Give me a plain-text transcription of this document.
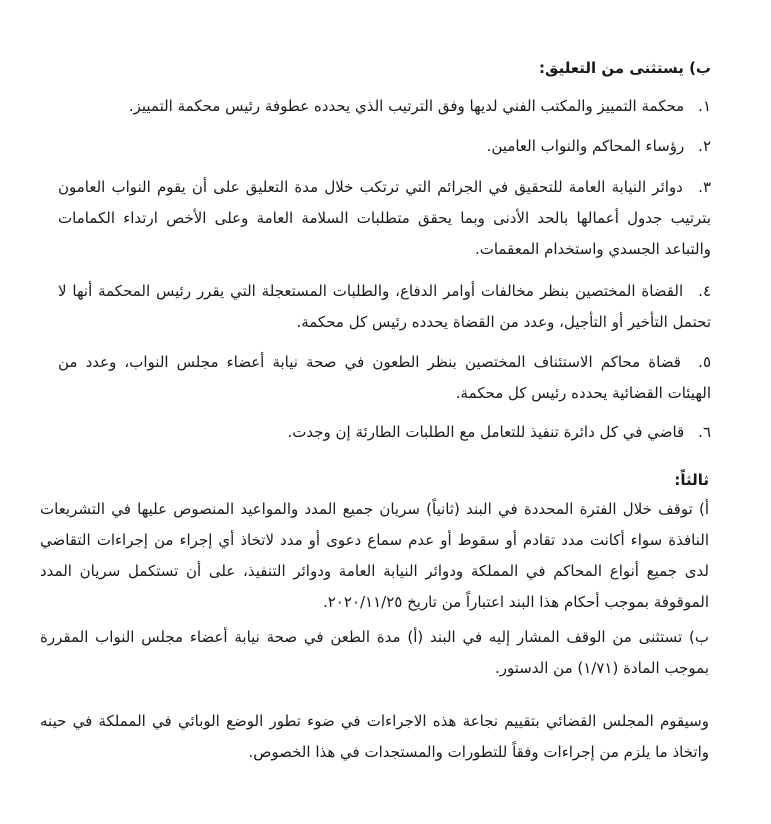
ب) يستثنى من التعليق:
١. محكمة التمييز والمكتب الفني لديها وفق الترتيب الذي يحدده عطوفة رئيس محكمة التمييز.
٢. رؤساء المحاكم والنواب العامين.
٣. دوائر النيابة العامة للتحقيق في الجرائم التي ترتكب خلال مدة التعليق على أن يقوم النواب العامون بترتيب جدول أعمالها بالحد الأدنى وبما يحقق متطلبات السلامة العامة وعلى الأخص ارتداء الكمامات والتباعد الجسدي واستخدام المعقمات.
٤. القضاة المختصين بنظر مخالفات أوامر الدفاع، والطلبات المستعجلة التي يقرر رئيس المحكمة أنها لا تحتمل التأخير أو التأجيل، وعدد من القضاة يحدده رئيس كل محكمة.
٥. قضاة محاكم الاستئناف المختصين بنظر الطعون في صحة نيابة أعضاء مجلس النواب، وعدد من الهيئات القضائية يحدده رئيس كل محكمة.
٦. قاضي في كل دائرة تنفيذ للتعامل مع الطلبات الطارئة إن وجدت.
ثالثاً:
أ) توقف خلال الفترة المحددة في البند (ثانياً) سريان جميع المدد والمواعيد المنصوص عليها في التشريعات النافذة سواء أكانت مدد تقادم أو سقوط أو عدم سماع دعوى أو مدد لاتخاذ أي إجراء من إجراءات التقاضي لدى جميع أنواع المحاكم في المملكة ودوائر النيابة العامة ودوائر التنفيذ، على أن تستكمل سريان المدد الموقوفة بموجب أحكام هذا البند اعتباراً من تاريخ ٢٠٢٠/١١/٢٥.
ب) تستثنى من الوقف المشار إليه في البند (أ) مدة الطعن في صحة نيابة أعضاء مجلس النواب المقررة بموجب المادة (١/٧١) من الدستور.
وسيقوم المجلس القضائي بتقييم نجاعة هذه الاجراءات في ضوء تطور الوضع الوبائي في المملكة في حينه واتخاذ ما يلزم من إجراءات وفقاً للتطورات والمستجدات في هذا الخصوص.
